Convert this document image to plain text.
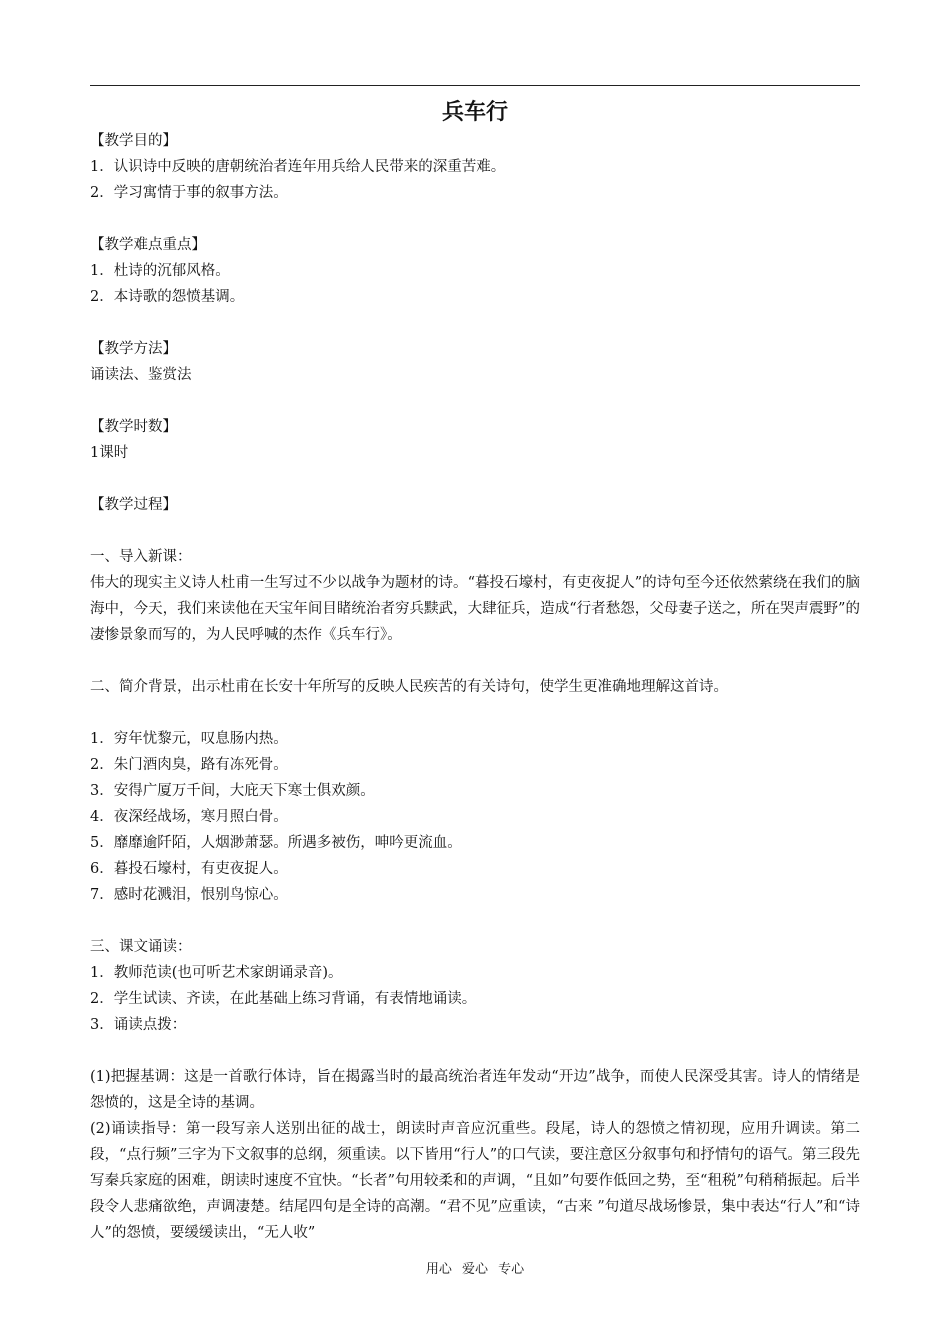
兵车行
【教学目的】
1．认识诗中反映的唐朝统治者连年用兵给人民带来的深重苦难。
2．学习寓情于事的叙事方法。
【教学难点重点】
1．杜诗的沉郁风格。
2．本诗歌的怨愤基调。
【教学方法】
诵读法、鉴赏法
【教学时数】
1课时
【教学过程】
一、导入新课：
伟大的现实主义诗人杜甫一生写过不少以战争为题材的诗。“暮投石壕村，有吏夜捉人”的诗句至今还依然萦绕在我们的脑海中，今天，我们来读他在天宝年间目睹统治者穷兵黩武，大肆征兵，造成“行者愁怨，父母妻子送之，所在哭声震野”的凄惨景象而写的，为人民呼喊的杰作《兵车行》。
二、简介背景，出示杜甫在长安十年所写的反映人民疾苦的有关诗句，使学生更准确地理解这首诗。
1．穷年忧黎元，叹息肠内热。
2．朱门酒肉臭，路有冻死骨。
3．安得广厦万千间，大庇天下寒士俱欢颜。
4．夜深经战场，寒月照白骨。
5．靡靡逾阡陌，人烟渺萧瑟。所遇多被伤，呻吟更流血。
6．暮投石壕村，有吏夜捉人。
7．感时花溅泪，恨别鸟惊心。
三、课文诵读：
1．教师范读(也可听艺术家朗诵录音)。
2．学生试读、齐读，在此基础上练习背诵，有表情地诵读。
3．诵读点拨：
(1)把握基调：这是一首歌行体诗，旨在揭露当时的最高统治者连年发动“开边”战争，而使人民深受其害。诗人的情绪是怨愤的，这是全诗的基调。
(2)诵读指导：第一段写亲人送别出征的战士，朗读时声音应沉重些。段尾，诗人的怨愤之情初现，应用升调读。第二段，“点行频”三字为下文叙事的总纲，须重读。以下皆用“行人”的口气读，要注意区分叙事句和抒情句的语气。第三段先写秦兵家庭的困难，朗读时速度不宜快。“长者”句用较柔和的声调，“且如”句要作低回之势，至“租税”句稍稍振起。后半段令人悲痛欲绝，声调凄楚。结尾四句是全诗的高潮。“君不见”应重读，“古来 ”句道尽战场惨景，集中表达“行人”和“诗人”的怨愤，要缓缓读出，“无人收”
用心 爱心 专心
